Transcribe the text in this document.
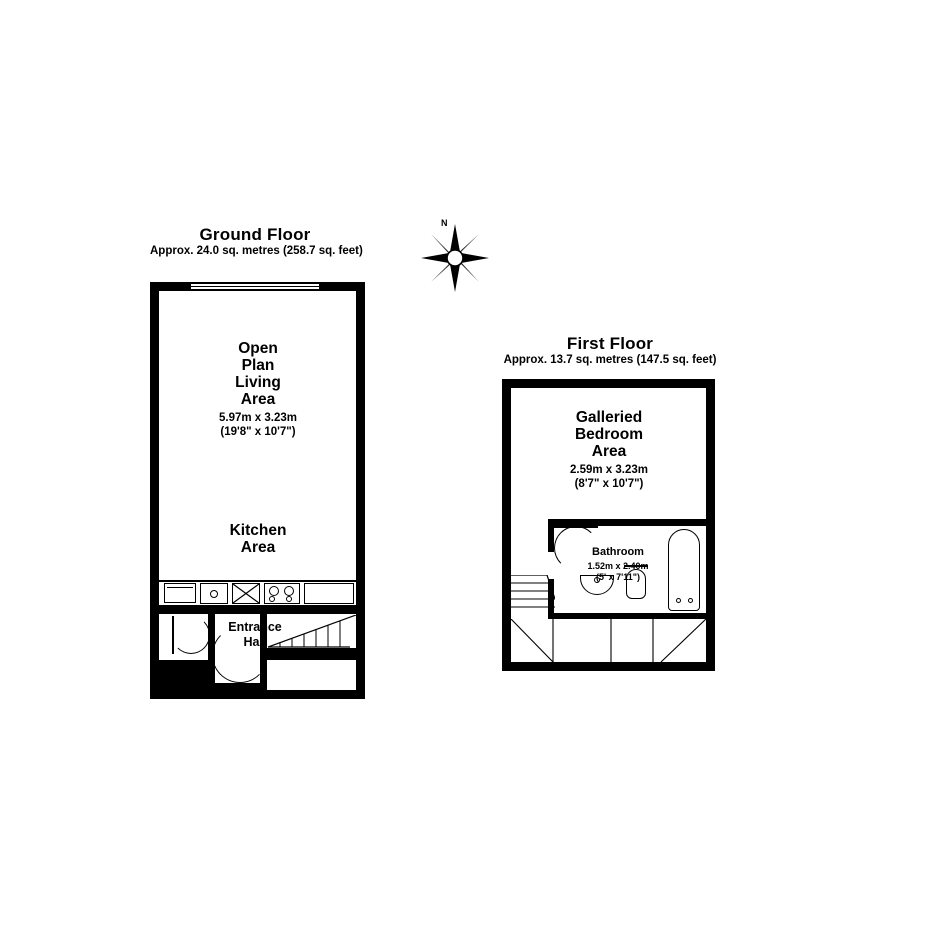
Ground Floor
Approx. 24.0 sq. metres (258.7 sq. feet)
Open
Plan
Living
Area
5.97m x 3.23m
(19'8" x 10'7")
Kitchen
Area
Entrance
Hall
N
First Floor
Approx. 13.7 sq. metres (147.5 sq. feet)
Galleried
Bedroom
Area
2.59m x 3.23m
(8'7" x 10'7")
Bathroom
1.52m x 2.40m
(5' x 7'11")
